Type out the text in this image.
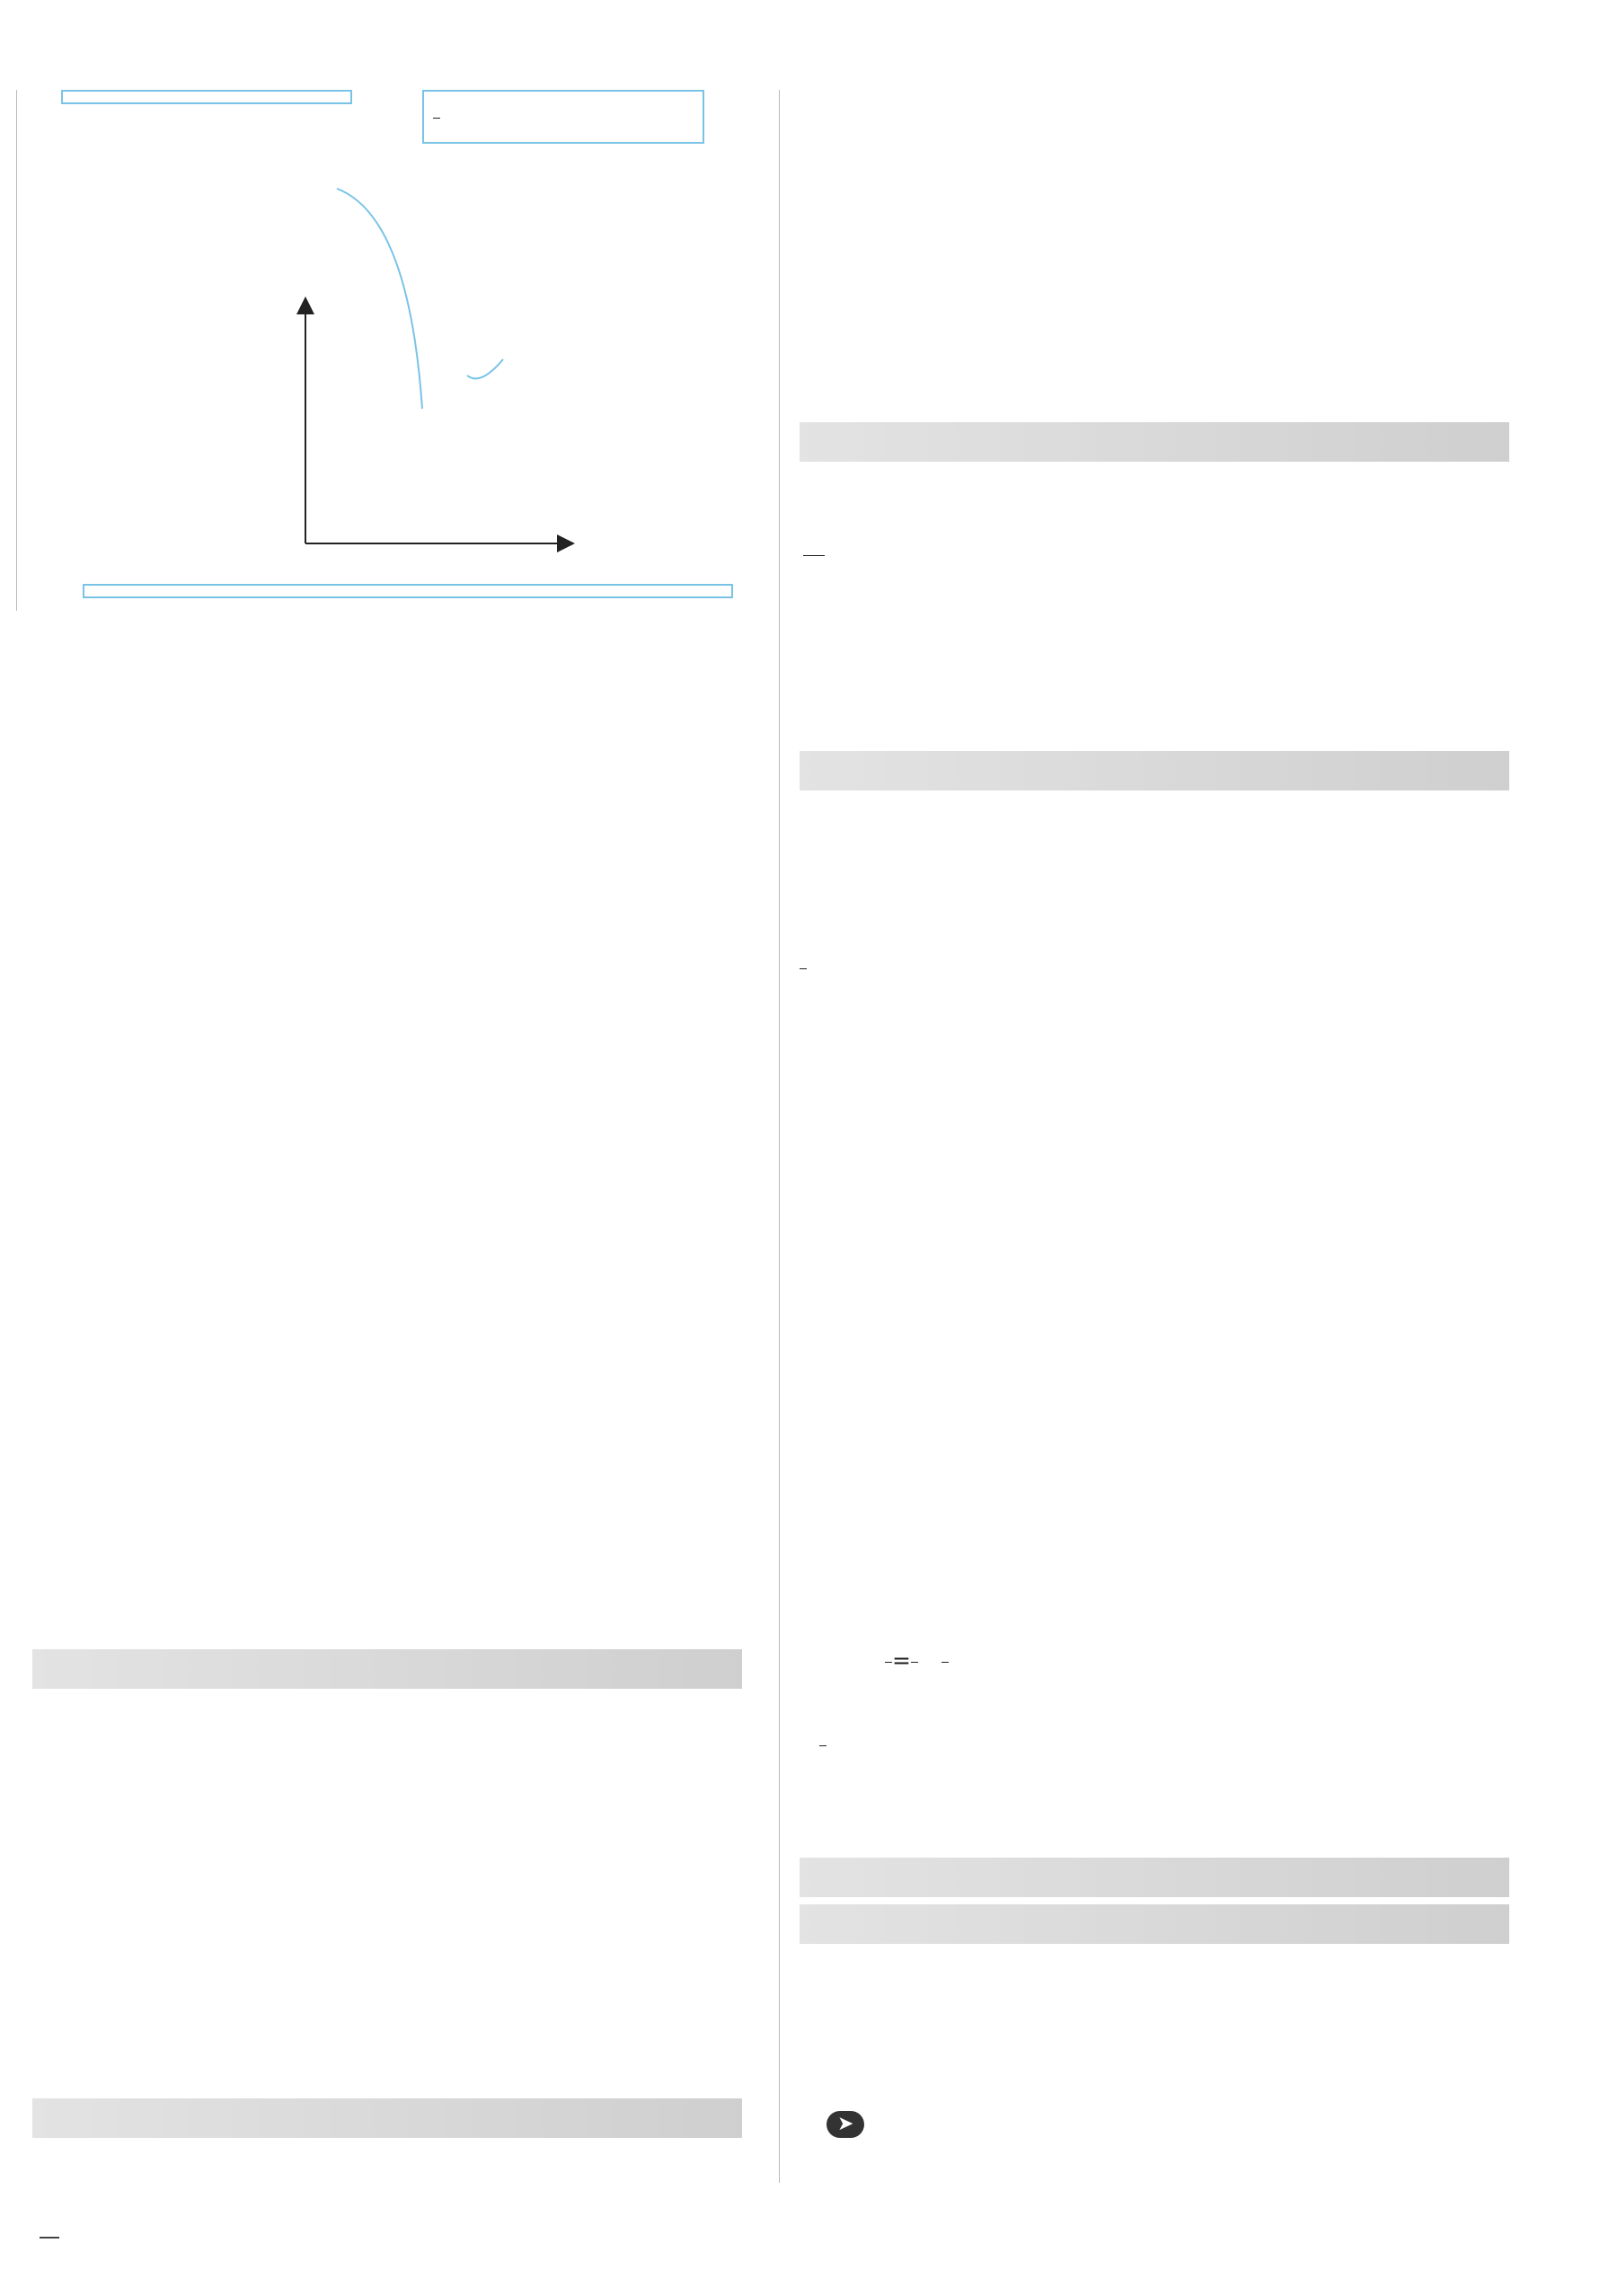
=

➤
